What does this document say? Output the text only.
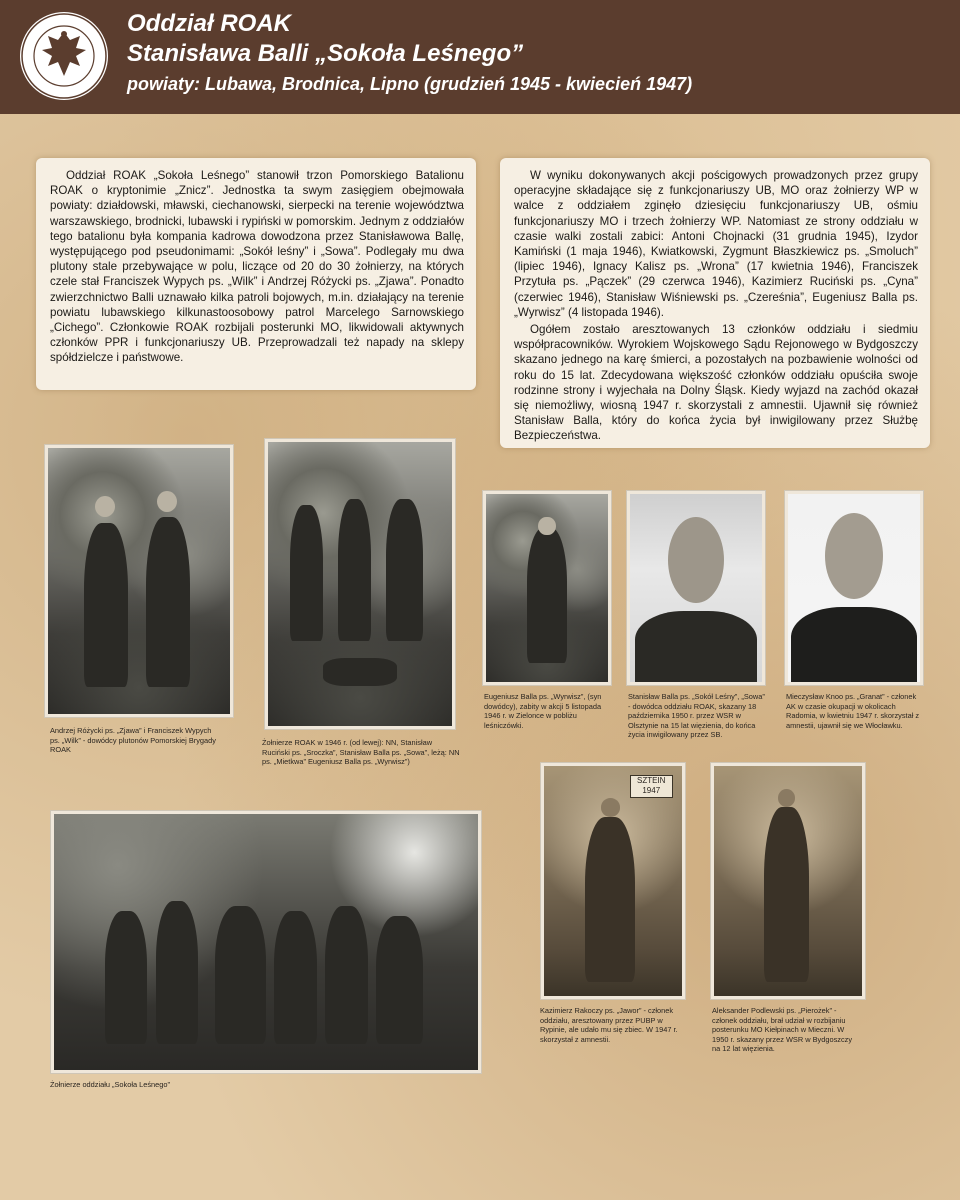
Oddział ROAK
Stanisława Balli „Sokoła Leśnego”
powiaty: Lubawa, Brodnica, Lipno (grudzień 1945 - kwiecień 1947)

Oddział ROAK „Sokoła Leśnego” stanowił trzon Pomorskiego Batalionu ROAK o kryptonimie „Znicz”. Jednostka ta swym zasięgiem obejmowała powiaty: działdowski, mławski, ciechanowski, sierpecki na terenie województwa warszawskiego, brodnicki, lubawski i rypiński w pomorskim. Jednym z oddziałów tego batalionu była kompania kadrowa dowodzona przez Stanisławowa Ballę, występującego pod pseudonimami: „Sokół leśny” i „Sowa”. Podlegały mu dwa plutony stale przebywające w polu, liczące od 20 do 30 żołnierzy, na których czele stał Franciszek Wypych ps. „Wilk” i Andrzej Różycki ps. „Zjawa”. Ponadto zwierzchnictwo Balli uznawało kilka patroli bojowych, m.in. działający na terenie powiatu lubawskiego kilkunastoosobowy patrol Marcelego Sarnowskiego „Cichego”. Członkowie ROAK rozbijali posterunki MO, likwidowali aktywnych członków PPR i funkcjonariuszy UB. Przeprowadzali też napady na sklepy spółdzielcze i państwowe.

W wyniku dokonywanych akcji pościgowych prowadzonych przez grupy operacyjne składające się z funkcjonariuszy UB, MO oraz żołnierzy WP w walce z oddziałem zginęło dziesięciu funkcjonariuszy UB, ośmiu funkcjonariuszy MO i trzech żołnierzy WP. Natomiast ze strony oddziału w czasie walki zostali zabici: Antoni Chojnacki (31 grudnia 1945), Izydor Kamiński (1 maja 1946), Kwiatkowski, Zygmunt Błaszkiewicz ps. „Smoluch” (lipiec 1946), Ignacy Kalisz ps. „Wrona” (17 kwietnia 1946), Franciszek Przytuła ps. „Pączek” (29 czerwca 1946), Kazimierz Ruciński ps. „Cyna” (czerwiec 1946), Stanisław Wiśniewski ps. „Czereśnia”, Eugeniusz Balla ps. „Wyrwisz” (4 listopada 1946).

Ogółem zostało aresztowanych 13 członków oddziału i siedmiu współpracowników. Wyrokiem Wojskowego Sądu Rejonowego w Bydgoszczy skazano jednego na karę śmierci, a pozostałych na pozbawienie wolności od roku do 15 lat. Zdecydowana większość członków oddziału opuściła swoje rodzinne strony i wyjechała na Dolny Śląsk. Kiedy wyjazd na zachód okazał się niemożliwy, wiosną 1947 r. skorzystali z amnestii. Ujawnił się również Stanisław Balla, który do końca życia był inwigilowany przez Służbę Bezpieczeństwa.

Andrzej Różycki ps. „Zjawa” i Franciszek Wypych ps. „Wilk” - dowódcy plutonów Pomorskiej Brygady ROAK
Żołnierze ROAK w 1946 r. (od lewej): NN, Stanisław Ruciński ps. „Sroczka”, Stanisław Balla ps. „Sowa”, leżą: NN ps. „Mietkwa” Eugeniusz Balla ps. „Wyrwisz”)
Eugeniusz Balla ps. „Wyrwisz”, (syn dowódcy), zabity w akcji 5 listopada 1946 r. w Zielonce w pobliżu leśniczówki.
Stanisław Balla ps. „Sokół Leśny”, „Sowa” - dowódca oddziału ROAK, skazany 18 października 1950 r. przez WSR w Olsztynie na 15 lat więzienia, do końca życia inwigilowany przez SB.
Mieczysław Knoo ps. „Granat” - członek AK w czasie okupacji w okolicach Radomia, w kwietniu 1947 r. skorzystał z amnestii, ujawnił się we Włocławku.
Żołnierze oddziału „Sokoła Leśnego”
SZTEIN 1947
Kazimierz Rakoczy ps. „Jawor” - członek oddziału, aresztowany przez PUBP w Rypinie, ale udało mu się zbiec. W 1947 r. skorzystał z amnestii.
Aleksander Podlewski ps. „Pierożek” - członek oddziału, brał udział w rozbijaniu posterunku MO Kiełpinach w Mieczni. W 1950 r. skazany przez WSR w Bydgoszczy na 12 lat więzienia.
